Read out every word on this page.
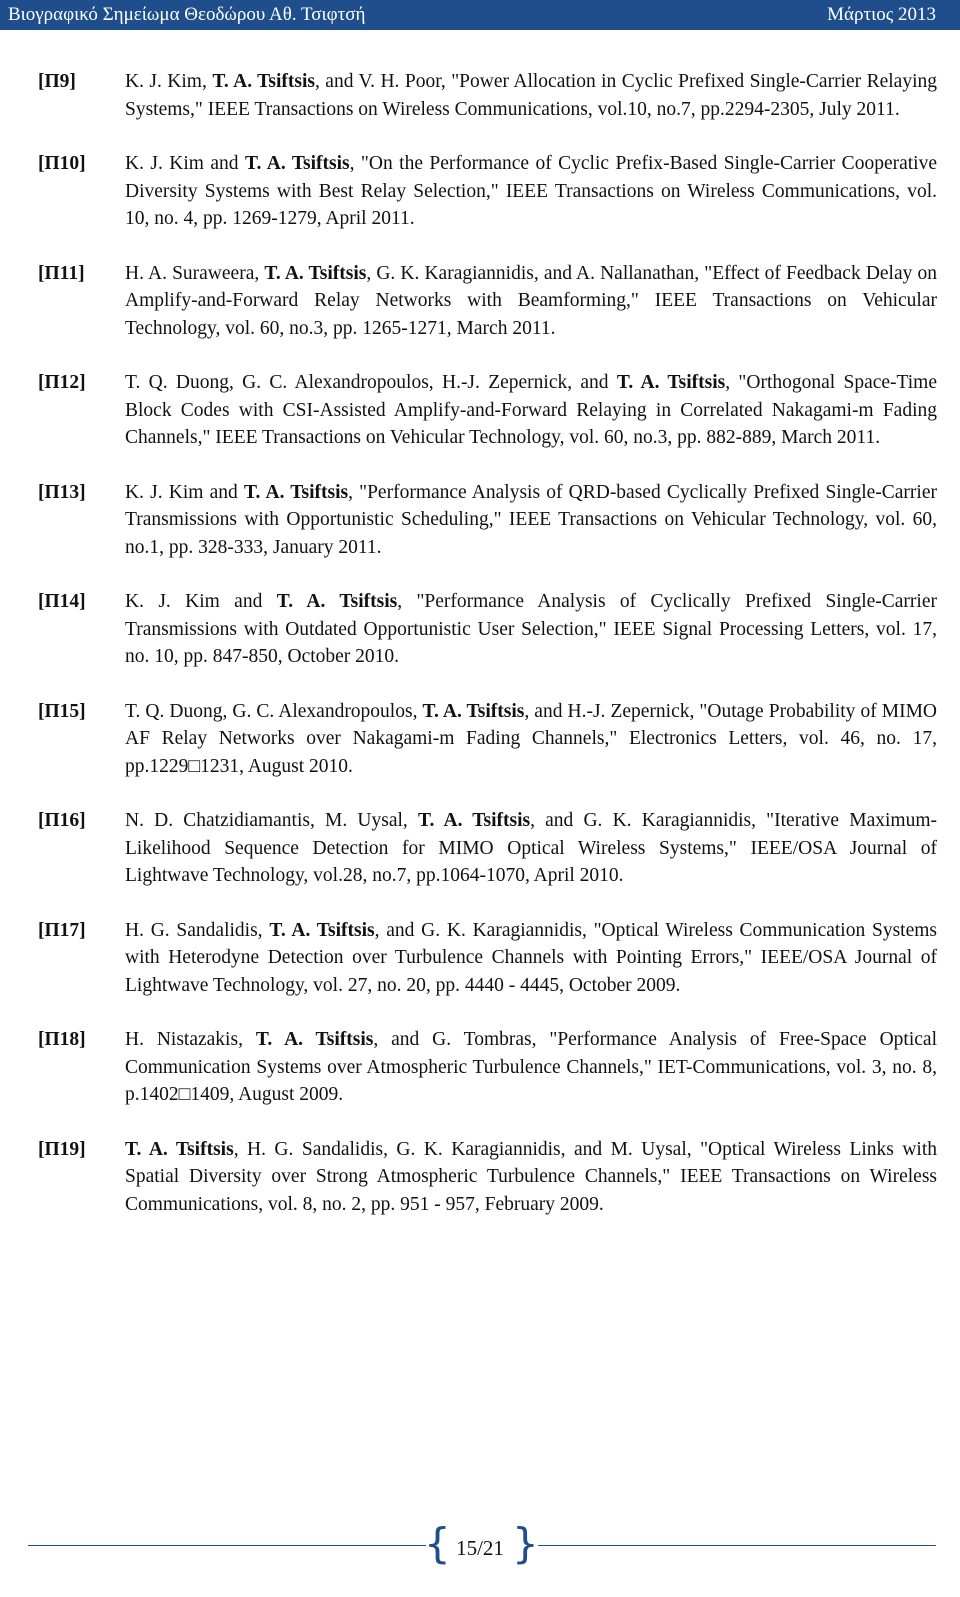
Βιογραφικό Σημείωμα Θεοδώρου Αθ. Τσιφτσή	Μάρτιος 2013
[Π9]	K. J. Kim, T. A. Tsiftsis, and V. H. Poor, "Power Allocation in Cyclic Prefixed Single-Carrier Relaying Systems," IEEE Transactions on Wireless Communications, vol.10, no.7, pp.2294-2305, July 2011.
[Π10] K. J. Kim and T. A. Tsiftsis, "On the Performance of Cyclic Prefix-Based Single-Carrier Cooperative Diversity Systems with Best Relay Selection," IEEE Transactions on Wireless Communications, vol. 10, no. 4, pp. 1269-1279, April 2011.
[Π11] H. A. Suraweera, T. A. Tsiftsis, G. K. Karagiannidis, and A. Nallanathan, "Effect of Feedback Delay on Amplify-and-Forward Relay Networks with Beamforming," IEEE Transactions on Vehicular Technology, vol. 60, no.3, pp. 1265-1271, March 2011.
[Π12] T. Q. Duong, G. C. Alexandropoulos, H.-J. Zepernick, and T. A. Tsiftsis, "Orthogonal Space-Time Block Codes with CSI-Assisted Amplify-and-Forward Relaying in Correlated Nakagami-m Fading Channels," IEEE Transactions on Vehicular Technology, vol. 60, no.3, pp. 882-889, March 2011.
[Π13] K. J. Kim and T. A. Tsiftsis, "Performance Analysis of QRD-based Cyclically Prefixed Single-Carrier Transmissions with Opportunistic Scheduling," IEEE Transactions on Vehicular Technology, vol. 60, no.1, pp. 328-333, January 2011.
[Π14] K. J. Kim and T. A. Tsiftsis, "Performance Analysis of Cyclically Prefixed Single-Carrier Transmissions with Outdated Opportunistic User Selection," IEEE Signal Processing Letters, vol. 17, no. 10, pp. 847-850, October 2010.
[Π15] T. Q. Duong, G. C. Alexandropoulos, T. A. Tsiftsis, and H.-J. Zepernick, "Outage Probability of MIMO AF Relay Networks over Nakagami-m Fading Channels," Electronics Letters, vol. 46, no. 17, pp.1229□1231, August 2010.
[Π16] N. D. Chatzidiamantis, M. Uysal, T. A. Tsiftsis, and G. K. Karagiannidis, "Iterative Maximum-Likelihood Sequence Detection for MIMO Optical Wireless Systems," IEEE/OSA Journal of Lightwave Technology, vol.28, no.7, pp.1064-1070, April 2010.
[Π17] H. G. Sandalidis, T. A. Tsiftsis, and G. K. Karagiannidis, "Optical Wireless Communication Systems with Heterodyne Detection over Turbulence Channels with Pointing Errors," IEEE/OSA Journal of Lightwave Technology, vol. 27, no. 20, pp. 4440 - 4445, October 2009.
[Π18] H. Nistazakis, T. A. Tsiftsis, and G. Tombras, "Performance Analysis of Free-Space Optical Communication Systems over Atmospheric Turbulence Channels," IET-Communications, vol. 3, no. 8, p.1402□1409, August 2009.
[Π19] T. A. Tsiftsis, H. G. Sandalidis, G. K. Karagiannidis, and M. Uysal, "Optical Wireless Links with Spatial Diversity over Strong Atmospheric Turbulence Channels," IEEE Transactions on Wireless Communications, vol. 8, no. 2, pp. 951 - 957, February 2009.
{ 15/21 }
